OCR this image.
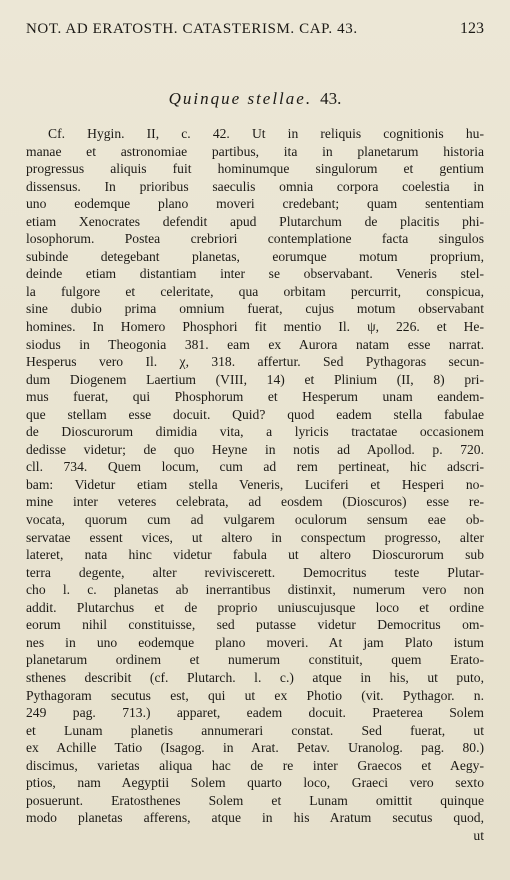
NOT. AD ERATOSTH. CATASTERISM. CAP. 43.	123
Quinque stellae. 43.
Cf. Hygin. II, c. 42. Ut in reliquis cognitionis hu-
manae et astronomiae partibus, ita in planetarum historia
progressus aliquis fuit hominumque singulorum et gentium
dissensus. In prioribus saeculis omnia corpora coelestia in
uno eodemque plano moveri credebant; quam sententiam
etiam Xenocrates defendit apud Plutarchum de placitis phi-
losophorum. Postea crebriori contemplatione facta singulos
subinde detegebant planetas, eorumque motum proprium,
deinde etiam distantiam inter se observabant. Veneris stel-
la fulgore et celeritate, qua orbitam percurrit, conspicua,
sine dubio prima omnium fuerat, cujus motum observabant
homines. In Homero Phosphori fit mentio Il. ψ, 226. et He-
siodus in Theogonia 381. eam ex Aurora natam esse narrat.
Hesperus vero Il. χ, 318. affertur. Sed Pythagoras secun-
dum Diogenem Laertium (VIII, 14) et Plinium (II, 8) pri-
mus fuerat, qui Phosphorum et Hesperum unam eandem-
que stellam esse docuit. Quid? quod eadem stella fabulae
de Dioscurorum dimidia vita, a lyricis tractatae occasionem
dedisse videtur; de quo Heyne in notis ad Apollod. p. 720.
cll. 734. Quem locum, cum ad rem pertineat, hic adscri-
bam: Videtur etiam stella Veneris, Luciferi et Hesperi no-
mine inter veteres celebrata, ad eosdem (Dioscuros) esse re-
vocata, quorum cum ad vulgarem oculorum sensum eae ob-
servatae essent vices, ut altero in conspectum progresso, alter
lateret, nata hinc videtur fabula ut altero Dioscurorum sub
terra degente, alter reviviscerett. Democritus teste Plutar-
cho l. c. planetas ab inerrantibus distinxit, numerum vero non
addit. Plutarchus et de proprio uniuscujusque loco et ordine
eorum nihil constituisse, sed putasse videtur Democritus om-
nes in uno eodemque plano moveri. At jam Plato istum
planetarum ordinem et numerum constituit, quem Erato-
sthenes describit (cf. Plutarch. l. c.) atque in his, ut puto,
Pythagoram secutus est, qui ut ex Photio (vit. Pythagor. n.
249 pag. 713.) apparet, eadem docuit. Praeterea Solem
et Lunam planetis annumerari constat. Sed fuerat, ut
ex Achille Tatio (Isagog. in Arat. Petav. Uranolog. pag. 80.)
discimus, varietas aliqua hac de re inter Graecos et Aegy-
ptios, nam Aegyptii Solem quarto loco, Graeci vero sexto
posuerunt. Eratosthenes Solem et Lunam omittit quinque
modo planetas afferens, atque in his Aratum secutus quod,
ut
